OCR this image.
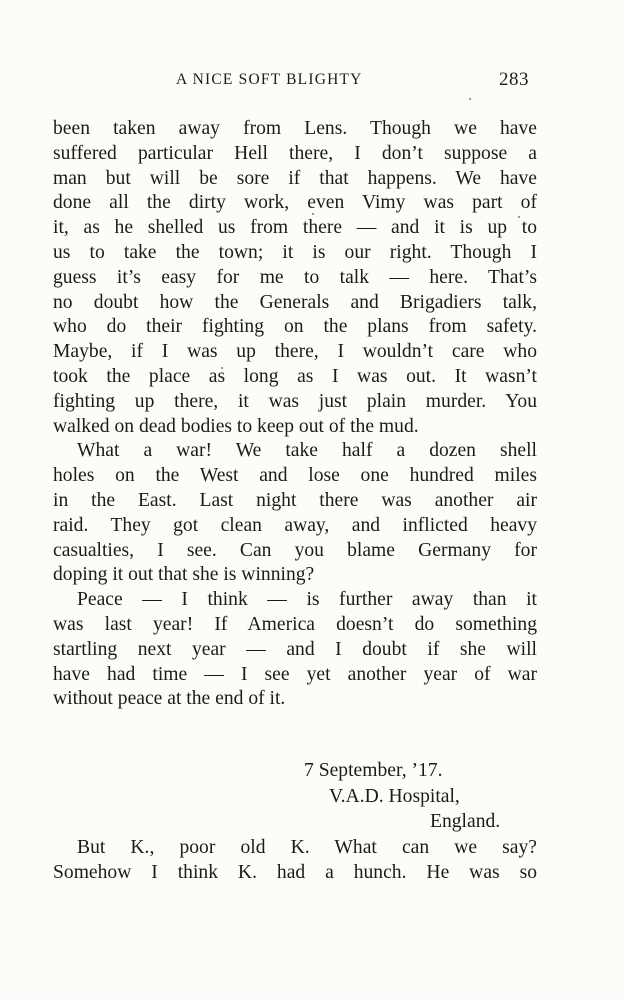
A NICE SOFT BLIGHTY	283
been taken away from Lens. Though we have
suffered particular Hell there, I don’t suppose a
man but will be sore if that happens. We have
done all the dirty work, even Vimy was part of
it, as he shelled us from there — and it is up to
us to take the town; it is our right. Though I
guess it’s easy for me to talk — here. That’s
no doubt how the Generals and Brigadiers talk,
who do their fighting on the plans from safety.
Maybe, if I was up there, I wouldn’t care who
took the place as long as I was out. It wasn’t
fighting up there, it was just plain murder. You
walked on dead bodies to keep out of the mud.
What a war! We take half a dozen shell
holes on the West and lose one hundred miles
in the East. Last night there was another air
raid. They got clean away, and inflicted heavy
casualties, I see. Can you blame Germany for
doping it out that she is winning?
Peace — I think — is further away than it
was last year! If America doesn’t do something
startling next year — and I doubt if she will
have had time — I see yet another year of war
without peace at the end of it.
7 September, ’17.
V.A.D. Hospital,
England.
But K., poor old K. What can we say?
Somehow I think K. had a hunch. He was so
